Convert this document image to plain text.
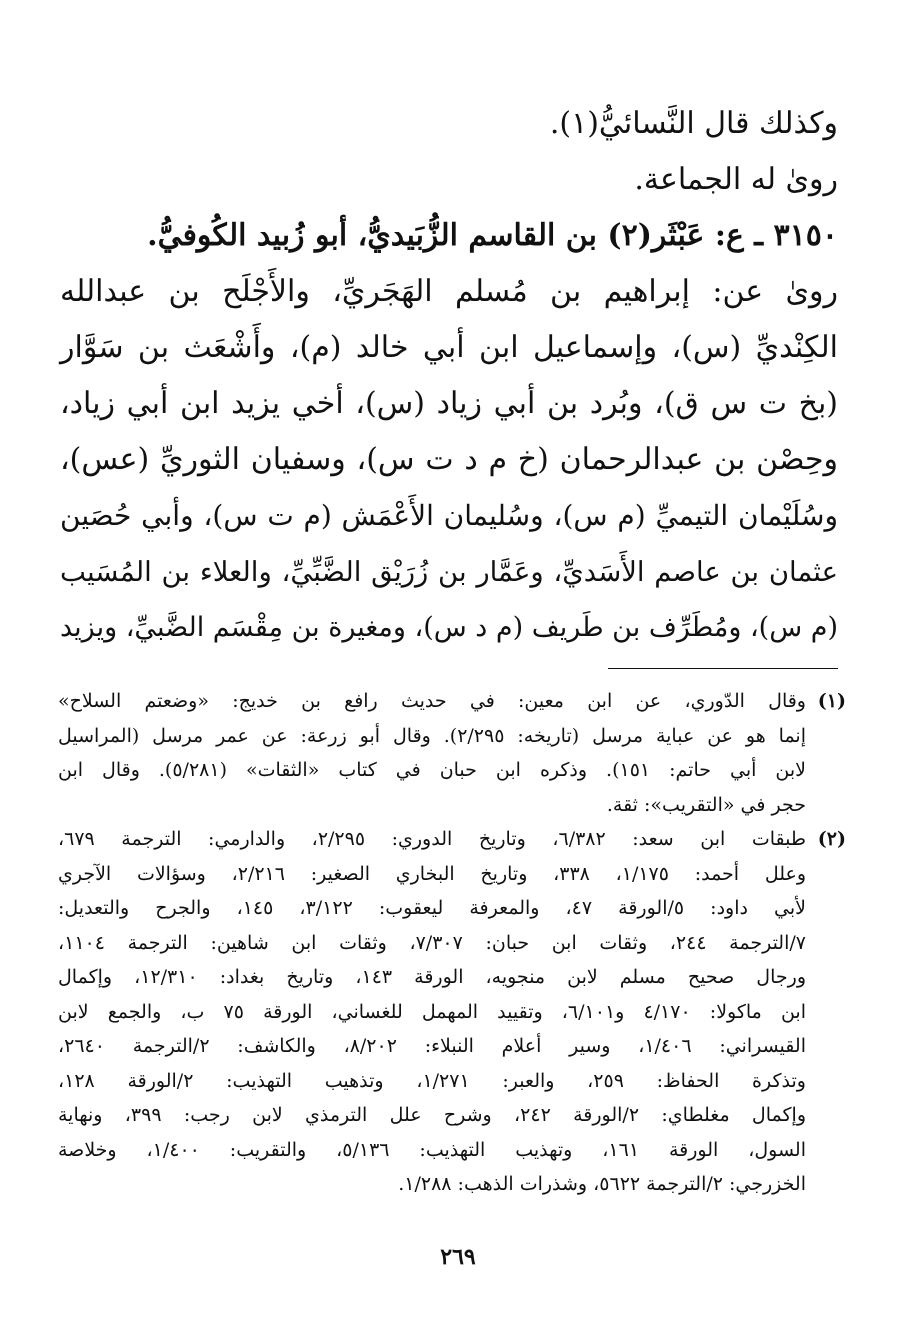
وكذلك قال النَّسائيُّ(١).
روىٰ له الجماعة.
٣١٥٠ ـ ع: عَبْثَر(٢) بن القاسم الزُّبَيديُّ، أبو زُبيد الكُوفيُّ.
روىٰ عن: إبراهيم بن مُسلم الهَجَريِّ، والأَجْلَح بن عبدالله
الكِنْديِّ (س)، وإسماعيل ابن أبي خالد (م)، وأَشْعَث بن سَوَّار
(بخ ت س ق)، وبُرد بن أبي زياد (س)، أخي يزيد ابن أبي زياد،
وحِصْن بن عبدالرحمان (خ م د ت س)، وسفيان الثوريِّ (عس)،
وسُلَيْمان التيميِّ (م س)، وسُليمان الأَعْمَش (م ت س)، وأبي حُصَين
عثمان بن عاصم الأَسَديِّ، وعَمَّار بن زُرَيْق الضَّبِّيِّ، والعلاء بن المُسَيب
(م س)، ومُطَرِّف بن طَريف (م د س)، ومغيرة بن مِقْسَم الضَّبيِّ، ويزيد
(١)
وقال الدّوري، عن ابن معين: في حديث رافع بن خديج: «وضعتم السلاح»
إنما هو عن عباية مرسل (تاريخه: ٢/٢٩٥). وقال أبو زرعة: عن عمر مرسل (المراسيل
لابن أبي حاتم: ١٥١). وذكره ابن حبان في كتاب «الثقات» (٥/٢٨١). وقال ابن
حجر في «التقريب»: ثقة.
(٢)
طبقات ابن سعد: ٦/٣٨٢، وتاريخ الدوري: ٢/٢٩٥، والدارمي: الترجمة ٦٧٩،
وعلل أحمد: ١/١٧٥، ٣٣٨، وتاريخ البخاري الصغير: ٢/٢١٦، وسؤالات الآجري
لأبي داود: ٥/الورقة ٤٧، والمعرفة ليعقوب: ٣/١٢٢، ١٤٥، والجرح والتعديل:
٧/الترجمة ٢٤٤، وثقات ابن حبان: ٧/٣٠٧، وثقات ابن شاهين: الترجمة ١١٠٤،
ورجال صحيح مسلم لابن منجويه، الورقة ١٤٣، وتاريخ بغداد: ١٢/٣١٠، وإكمال
ابن ماكولا: ٤/١٧٠ و٦/١٠١، وتقييد المهمل للغساني، الورقة ٧٥ ب، والجمع لابن
القيسراني: ١/٤٠٦، وسير أعلام النبلاء: ٨/٢٠٢، والكاشف: ٢/الترجمة ٢٦٤٠،
وتذكرة الحفاظ: ٢٥٩، والعبر: ١/٢٧١، وتذهيب التهذيب: ٢/الورقة ١٢٨،
وإكمال مغلطاي: ٢/الورقة ٢٤٢، وشرح علل الترمذي لابن رجب: ٣٩٩، ونهاية
السول، الورقة ١٦١، وتهذيب التهذيب: ٥/١٣٦، والتقريب: ١/٤٠٠، وخلاصة
الخزرجي: ٢/الترجمة ٥٦٢٢، وشذرات الذهب: ١/٢٨٨.
٢٦٩
